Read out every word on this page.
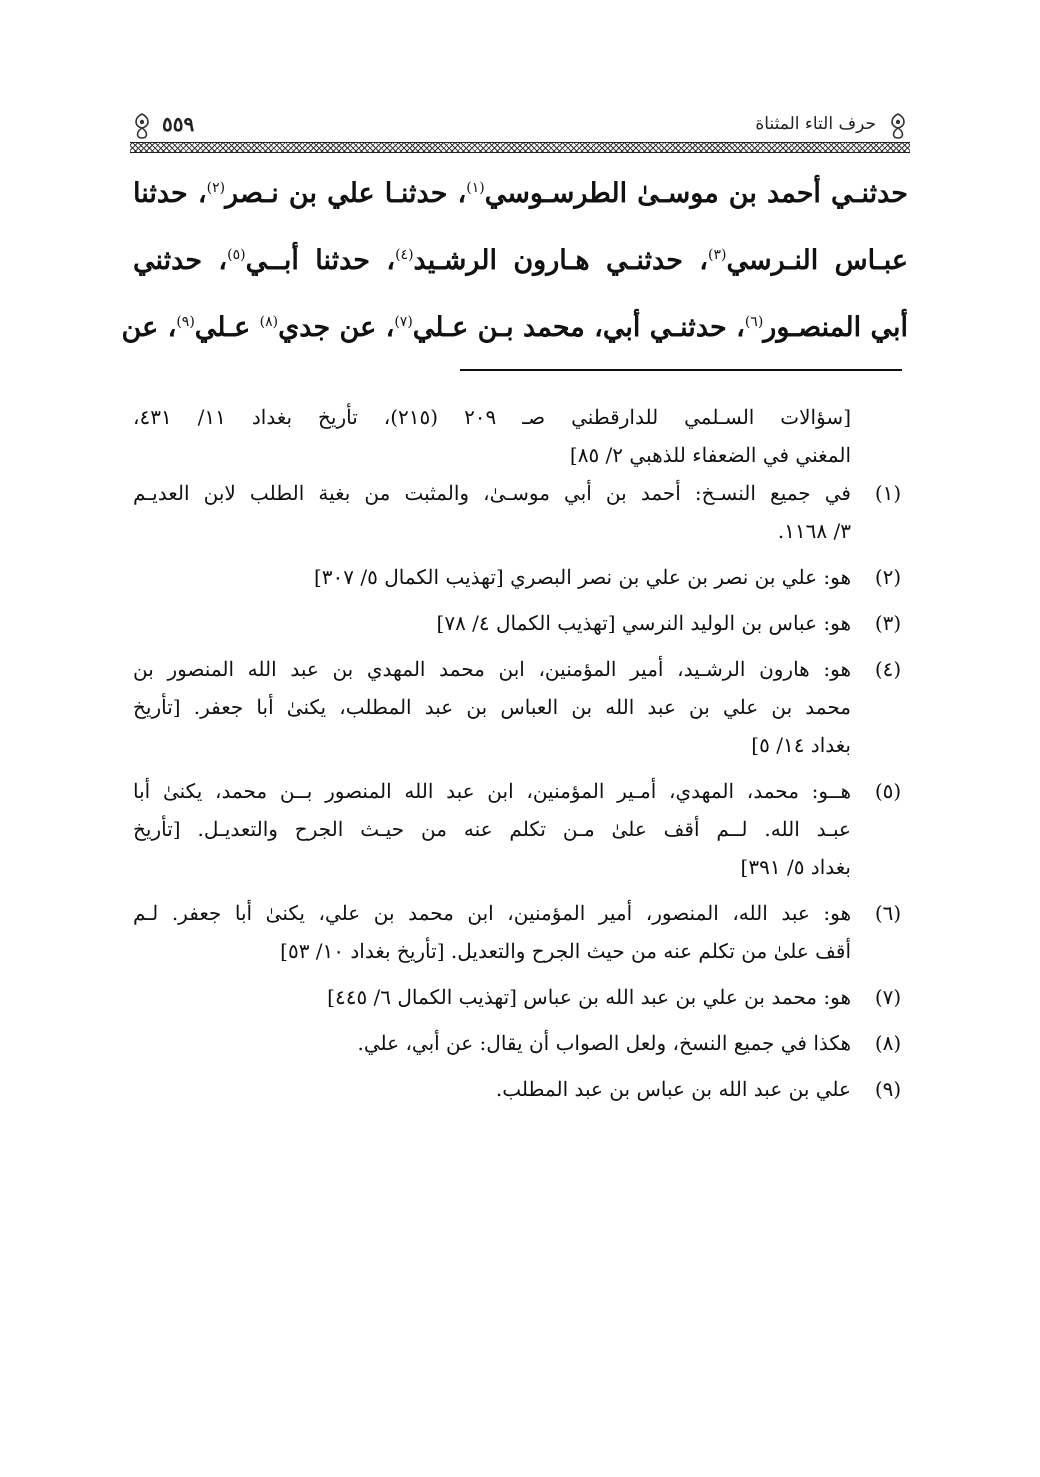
حرف التاء المثناة
٥٥٩
حدثنـي أحمد بن موسـىٰ الطرسـوسي$^{(١)}$، حدثنـا علي بن نـصر$^{(٢)}$، حدثنا
عبـاس النـرسي$^{(٣)}$، حدثنـي هـارون الرشـيد$^{(٤)}$، حدثنا أبــي$^{(٥)}$، حدثني
أبي المنصـور$^{(٦)}$، حدثنـي أبي، محمد بـن عـلي$^{(٧)}$، عن جدي$^{(٨)}$ عـلي$^{(٩)}$، عن
[سؤالات السـلمي للدارقطني صـ ٢٠٩ (٢١٥)، تأريخ بغداد ١١/ ٤٣١،
المغني في الضعفاء للذهبي ٢/ ٨٥]
(١)
في جميع النسـخ: أحمد بن أبي موسـىٰ، والمثبت من بغية الطلب لابن العديـم
٣/ ١١٦٨.
(٢)
هو: علي بن نصر بن علي بن نصر البصري [تهذيب الكمال ٥/ ٣٠٧]
(٣)
هو: عباس بن الوليد النرسي [تهذيب الكمال ٤/ ٧٨]
(٤)
هو: هارون الرشـيد، أمير المؤمنين، ابن محمد المهدي بن عبد الله المنصور بن
محمد بن علي بن عبد الله بن العباس بن عبد المطلب، يكنىٰ أبا جعفر. [تأريخ
بغداد ١٤/ ٥]
(٥)
هــو: محمد، المهدي، أمـير المؤمنين، ابن عبد الله المنصور بــن محمد، يكنىٰ أبا
عبـد الله. لــم أقف علىٰ مـن تكلم عنه من حيـث الجرح والتعديـل. [تأريخ
بغداد ٥/ ٣٩١]
(٦)
هو: عبد الله، المنصور، أمير المؤمنين، ابن محمد بن علي، يكنىٰ أبا جعفر. لـم
أقف علىٰ من تكلم عنه من حيث الجرح والتعديل. [تأريخ بغداد ١٠/ ٥٣]
(٧)
هو: محمد بن علي بن عبد الله بن عباس [تهذيب الكمال ٦/ ٤٤٥]
(٨)
هكذا في جميع النسخ، ولعل الصواب أن يقال: عن أبي، علي.
(٩)
علي بن عبد الله بن عباس بن عبد المطلب.
